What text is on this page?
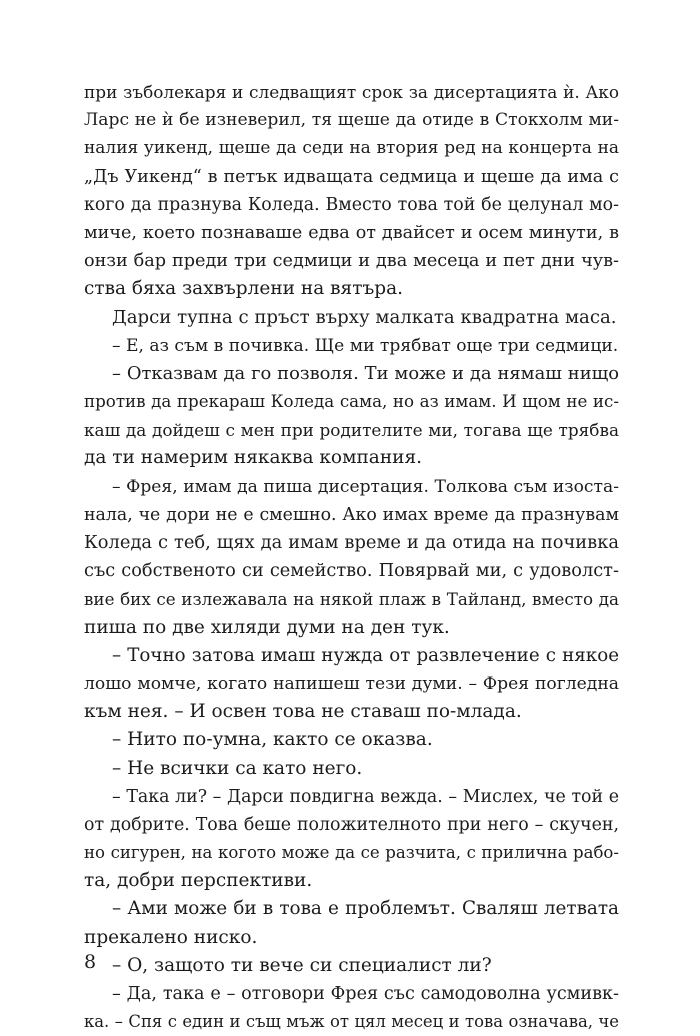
при зъболекаря и следващият срок за дисертацията ѝ. Ако
Ларс не ѝ бе изневерил, тя щеше да отиде в Стокхолм ми-
налия уикенд, щеше да седи на втория ред на концерта на
„Дъ Уикенд“ в петък идващата седмица и щеше да има с
кого да празнува Коледа. Вместо това той бе целунал мо-
миче, което познаваше едва от двайсет и осем минути, в
онзи бар преди три седмици и два месеца и пет дни чув-
ства бяха захвърлени на вятъра.
Дарси тупна с пръст върху малката квадратна маса.
– Е, аз съм в почивка. Ще ми трябват още три седмици.
– Отказвам да го позволя. Ти може и да нямаш нищо
против да прекараш Коледа сама, но аз имам. И щом не ис-
каш да дойдеш с мен при родителите ми, тогава ще трябва
да ти намерим някаква компания.
– Фрея, имам да пиша дисертация. Толкова съм изоста-
нала, че дори не е смешно. Ако имах време да празнувам
Коледа с теб, щях да имам време и да отида на почивка
със собственото си семейство. Повярвай ми, с удоволст-
вие бих се излежавала на някой плаж в Тайланд, вместо да
пиша по две хиляди думи на ден тук.
– Точно затова имаш нужда от развлечение с някое
лошо момче, когато напишеш тези думи. – Фрея погледна
към нея. – И освен това не ставаш по-млада.
– Нито по-умна, както се оказва.
– Не всички са като него.
– Така ли? – Дарси повдигна вежда. – Мислех, че той е
от добрите. Това беше положителното при него – скучен,
но сигурен, на когото може да се разчита, с прилична рабо-
та, добри перспективи.
– Ами може би в това е проблемът. Сваляш летвата
прекалено ниско.
– О, защото ти вече си специалист ли?
– Да, така е – отговори Фрея със самодоволна усмивк-
ка. – Спя с един и същ мъж от цял месец и това означава, че
8
